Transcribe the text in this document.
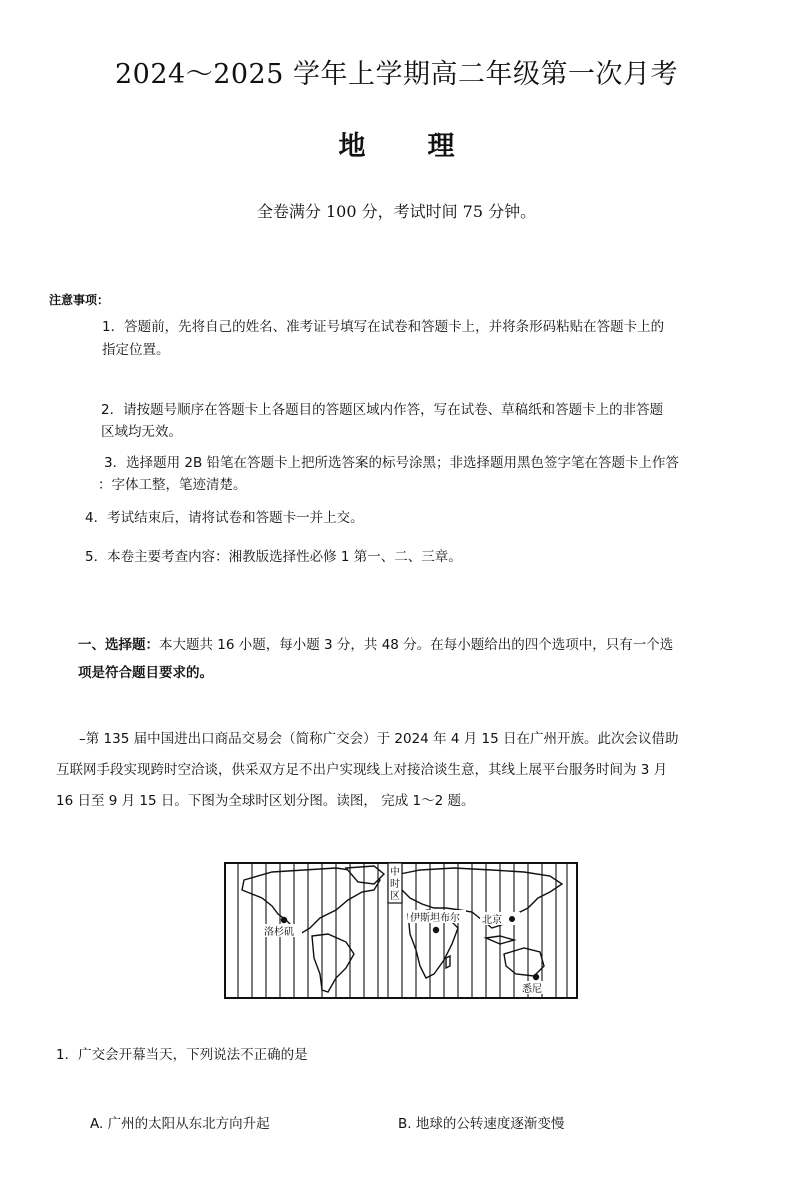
2024～2025 学年上学期高二年级第一次月考
地理
全卷满分 100 分，考试时间 75 分钟。
注意事项：
1．答题前，先将自己的姓名、准考证号填写在试卷和答题卡上，并将条形码粘贴在答题卡上的
指定位置。
2．请按题号顺序在答题卡上各题目的答题区域内作答，写在试卷、草稿纸和答题卡上的非答题
区域均无效。
3．选择题用 2B 铅笔在答题卡上把所选答案的标号涂黑；非选择题用黑色签字笔在答题卡上作答
：字体工整，笔迹清楚。
4．考试结束后，请将试卷和答题卡一并上交。
5．本卷主要考查内容：湘教版选择性必修 1 第一、二、三章。
一、选择题：本大题共 16 小题，每小题 3 分，共 48 分。在每小题给出的四个选项中，只有一个选
项是符合题目要求的。
–第 135 届中国进出口商品交易会（简称广交会）于 2024 年 4 月 15 日在广州开族。此次会议借助
互联网手段实现跨时空洽谈，供采双方足不出户实现线上对接洽谈生意，其线上展平台服务时间为 3 月
16 日至 9 月 15 日。下图为全球时区划分图。读图， 完成 1～2 题。
中
时
区
洛杉矶
伊斯坦布尔 北京
悉尼
1．广交会开幕当天，下列说法不正确的是
A. 广州的太阳从东北方向升起	B. 地球的公转速度逐渐变慢
